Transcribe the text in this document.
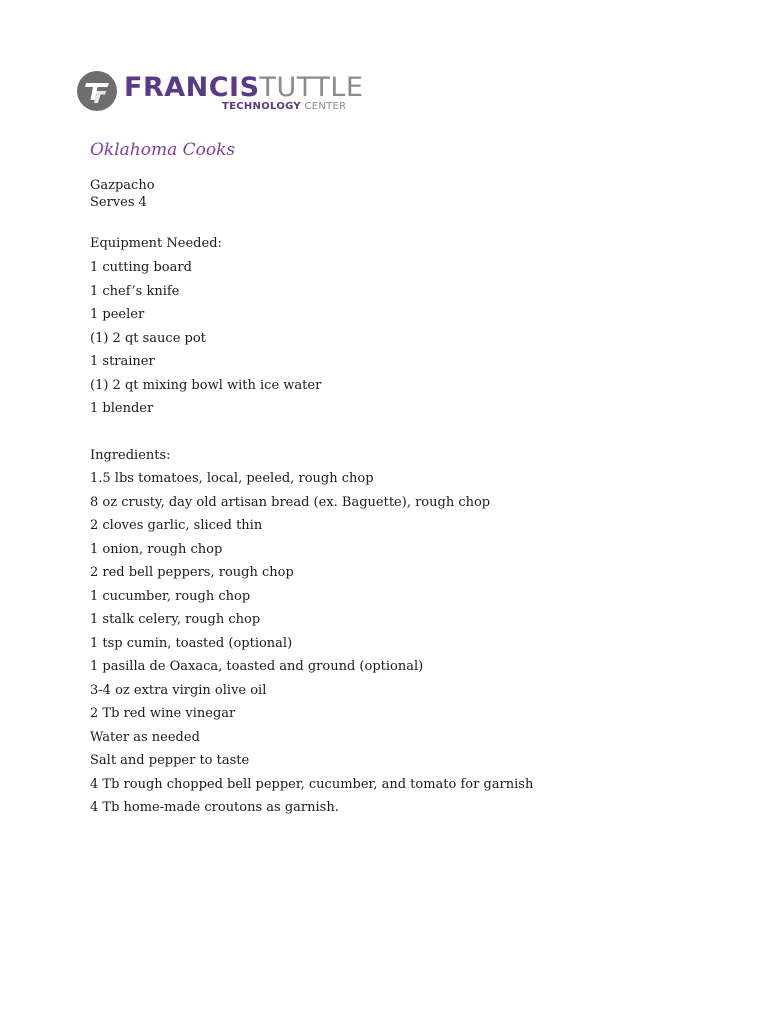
FRANCISTUTTLE
TECHNOLOGY CENTER
Oklahoma Cooks
Gazpacho
Serves 4
Equipment Needed:
1 cutting board
1 chef’s knife
1 peeler
(1) 2 qt sauce pot
1 strainer
(1) 2 qt mixing bowl with ice water
1 blender
Ingredients:
1.5 lbs tomatoes, local, peeled, rough chop
8 oz crusty, day old artisan bread (ex. Baguette), rough chop
2 cloves garlic, sliced thin
1 onion, rough chop
2 red bell peppers, rough chop
1 cucumber, rough chop
1 stalk celery, rough chop
1 tsp cumin, toasted (optional)
1 pasilla de Oaxaca, toasted and ground (optional)
3-4 oz extra virgin olive oil
2 Tb red wine vinegar
Water as needed
Salt and pepper to taste
4 Tb rough chopped bell pepper, cucumber, and tomato for garnish
4 Tb home-made croutons as garnish.
